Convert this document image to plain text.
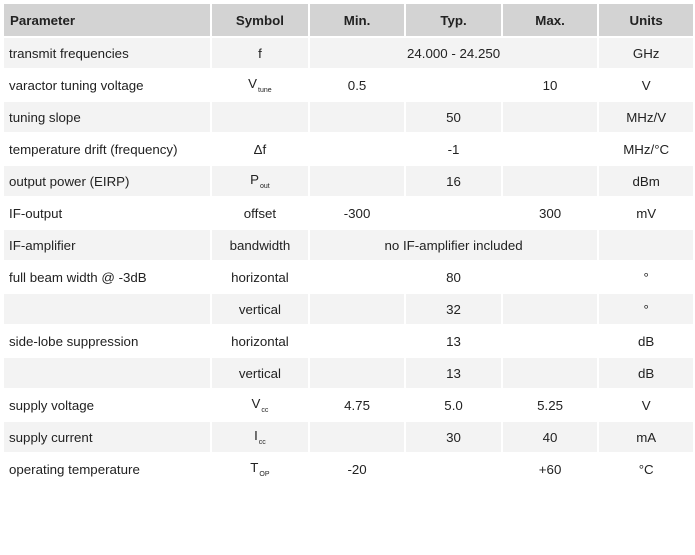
Parameter	Symbol	Min.	Typ.	Max.	Units
transmit frequencies	f	24.000 - 24.250			GHz
varactor tuning voltage	$V_{tune}$	0.5		10	V
tuning slope			50		MHz/V
temperature drift (frequency)	Δf		-1		MHz/°C
output power (EIRP)	$P_{out}$		16		dBm
IF-output	offset	-300		300	mV
IF-amplifier	bandwidth	no IF-amplifier included			
full beam width @ -3dB	horizontal		80		°
	vertical		32		°
side-lobe suppression	horizontal		13		dB
	vertical		13		dB
supply voltage	$V_{cc}$	4.75	5.0	5.25	V
supply current	$I_{cc}$		30	40	mA
operating temperature	$T_{OP}$	-20		+60	°C
